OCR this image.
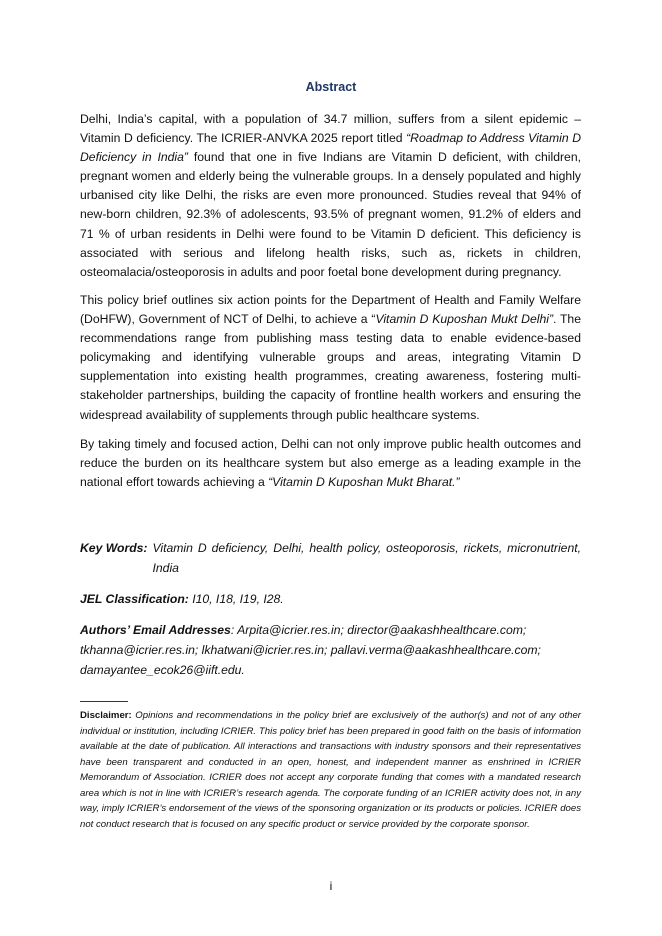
Abstract

Delhi, India’s capital, with a population of 34.7 million, suffers from a silent epidemic – Vitamin D deficiency. The ICRIER-ANVKA 2025 report titled “Roadmap to Address Vitamin D Deficiency in India” found that one in five Indians are Vitamin D deficient, with children, pregnant women and elderly being the vulnerable groups. In a densely populated and highly urbanised city like Delhi, the risks are even more pronounced. Studies reveal that 94% of new-born children, 92.3% of adolescents, 93.5% of pregnant women, 91.2% of elders and 71 % of urban residents in Delhi were found to be Vitamin D deficient. This deficiency is associated with serious and lifelong health risks, such as, rickets in children, osteomalacia/osteoporosis in adults and poor foetal bone development during pregnancy.

This policy brief outlines six action points for the Department of Health and Family Welfare (DoHFW), Government of NCT of Delhi, to achieve a “Vitamin D Kuposhan Mukt Delhi”. The recommendations range from publishing mass testing data to enable evidence-based policymaking and identifying vulnerable groups and areas, integrating Vitamin D supplementation into existing health programmes, creating awareness, fostering multi-stakeholder partnerships, building the capacity of frontline health workers and ensuring the widespread availability of supplements through public healthcare systems.

By taking timely and focused action, Delhi can not only improve public health outcomes and reduce the burden on its healthcare system but also emerge as a leading example in the national effort towards achieving a “Vitamin D Kuposhan Mukt Bharat.”

Key Words: Vitamin D deficiency, Delhi, health policy, osteoporosis, rickets, micronutrient, India
JEL Classification: I10, I18, I19, I28.
Authors’ Email Addresses: Arpita@icrier.res.in; director@aakashhealthcare.com; tkhanna@icrier.res.in; lkhatwani@icrier.res.in; pallavi.verma@aakashhealthcare.com; damayantee_ecok26@iift.edu.

Disclaimer: Opinions and recommendations in the policy brief are exclusively of the author(s) and not of any other individual or institution, including ICRIER. This policy brief has been prepared in good faith on the basis of information available at the date of publication. All interactions and transactions with industry sponsors and their representatives have been transparent and conducted in an open, honest, and independent manner as enshrined in ICRIER Memorandum of Association. ICRIER does not accept any corporate funding that comes with a mandated research area which is not in line with ICRIER’s research agenda. The corporate funding of an ICRIER activity does not, in any way, imply ICRIER’s endorsement of the views of the sponsoring organization or its products or policies. ICRIER does not conduct research that is focused on any specific product or service provided by the corporate sponsor.

i
